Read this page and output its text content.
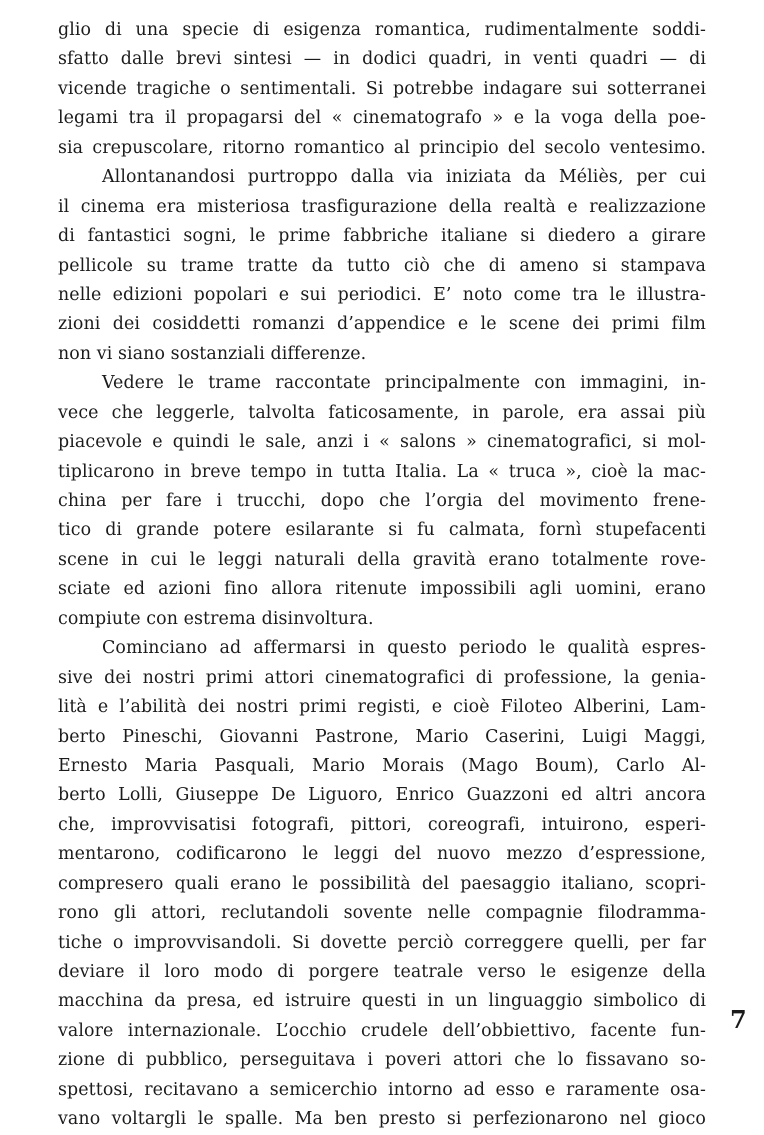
glio di una specie di esigenza romantica, rudimentalmente soddi-
sfatto dalle brevi sintesi — in dodici quadri, in venti quadri — di
vicende tragiche o sentimentali. Si potrebbe indagare sui sotterranei
legami tra il propagarsi del « cinematografo » e la voga della poe-
sia crepuscolare, ritorno romantico al principio del secolo ventesimo.
Allontanandosi purtroppo dalla via iniziata da Méliès, per cui
il cinema era misteriosa trasfigurazione della realtà e realizzazione
di fantastici sogni, le prime fabbriche italiane si diedero a girare
pellicole su trame tratte da tutto ciò che di ameno si stampava
nelle edizioni popolari e sui periodici. E’ noto come tra le illustra-
zioni dei cosiddetti romanzi d’appendice e le scene dei primi film
non vi siano sostanziali differenze.
Vedere le trame raccontate principalmente con immagini, in-
vece che leggerle, talvolta faticosamente, in parole, era assai più
piacevole e quindi le sale, anzi i « salons » cinematografici, si mol-
tiplicarono in breve tempo in tutta Italia. La « truca », cioè la mac-
china per fare i trucchi, dopo che l’orgia del movimento frene-
tico di grande potere esilarante si fu calmata, fornì stupefacenti
scene in cui le leggi naturali della gravità erano totalmente rove-
sciate ed azioni fino allora ritenute impossibili agli uomini, erano
compiute con estrema disinvoltura.
Cominciano ad affermarsi in questo periodo le qualità espres-
sive dei nostri primi attori cinematografici di professione, la genia-
lità e l’abilità dei nostri primi registi, e cioè Filoteo Alberini, Lam-
berto Pineschi, Giovanni Pastrone, Mario Caserini, Luigi Maggi,
Ernesto Maria Pasquali, Mario Morais (Mago Boum), Carlo Al-
berto Lolli, Giuseppe De Liguoro, Enrico Guazzoni ed altri ancora
che, improvvisatisi fotografi, pittori, coreografi, intuirono, esperi-
mentarono, codificarono le leggi del nuovo mezzo d’espressione,
compresero quali erano le possibilità del paesaggio italiano, scopri-
rono gli attori, reclutandoli sovente nelle compagnie filodramma-
tiche o improvvisandoli. Si dovette perciò correggere quelli, per far
deviare il loro modo di porgere teatrale verso le esigenze della
macchina da presa, ed istruire questi in un linguaggio simbolico di
valore internazionale. L’occhio crudele dell’obbiettivo, facente fun-
zione di pubblico, perseguitava i poveri attori che lo fissavano so-
spettosi, recitavano a semicerchio intorno ad esso e raramente osa-
vano voltargli le spalle. Ma ben presto si perfezionarono nel gioco
7
